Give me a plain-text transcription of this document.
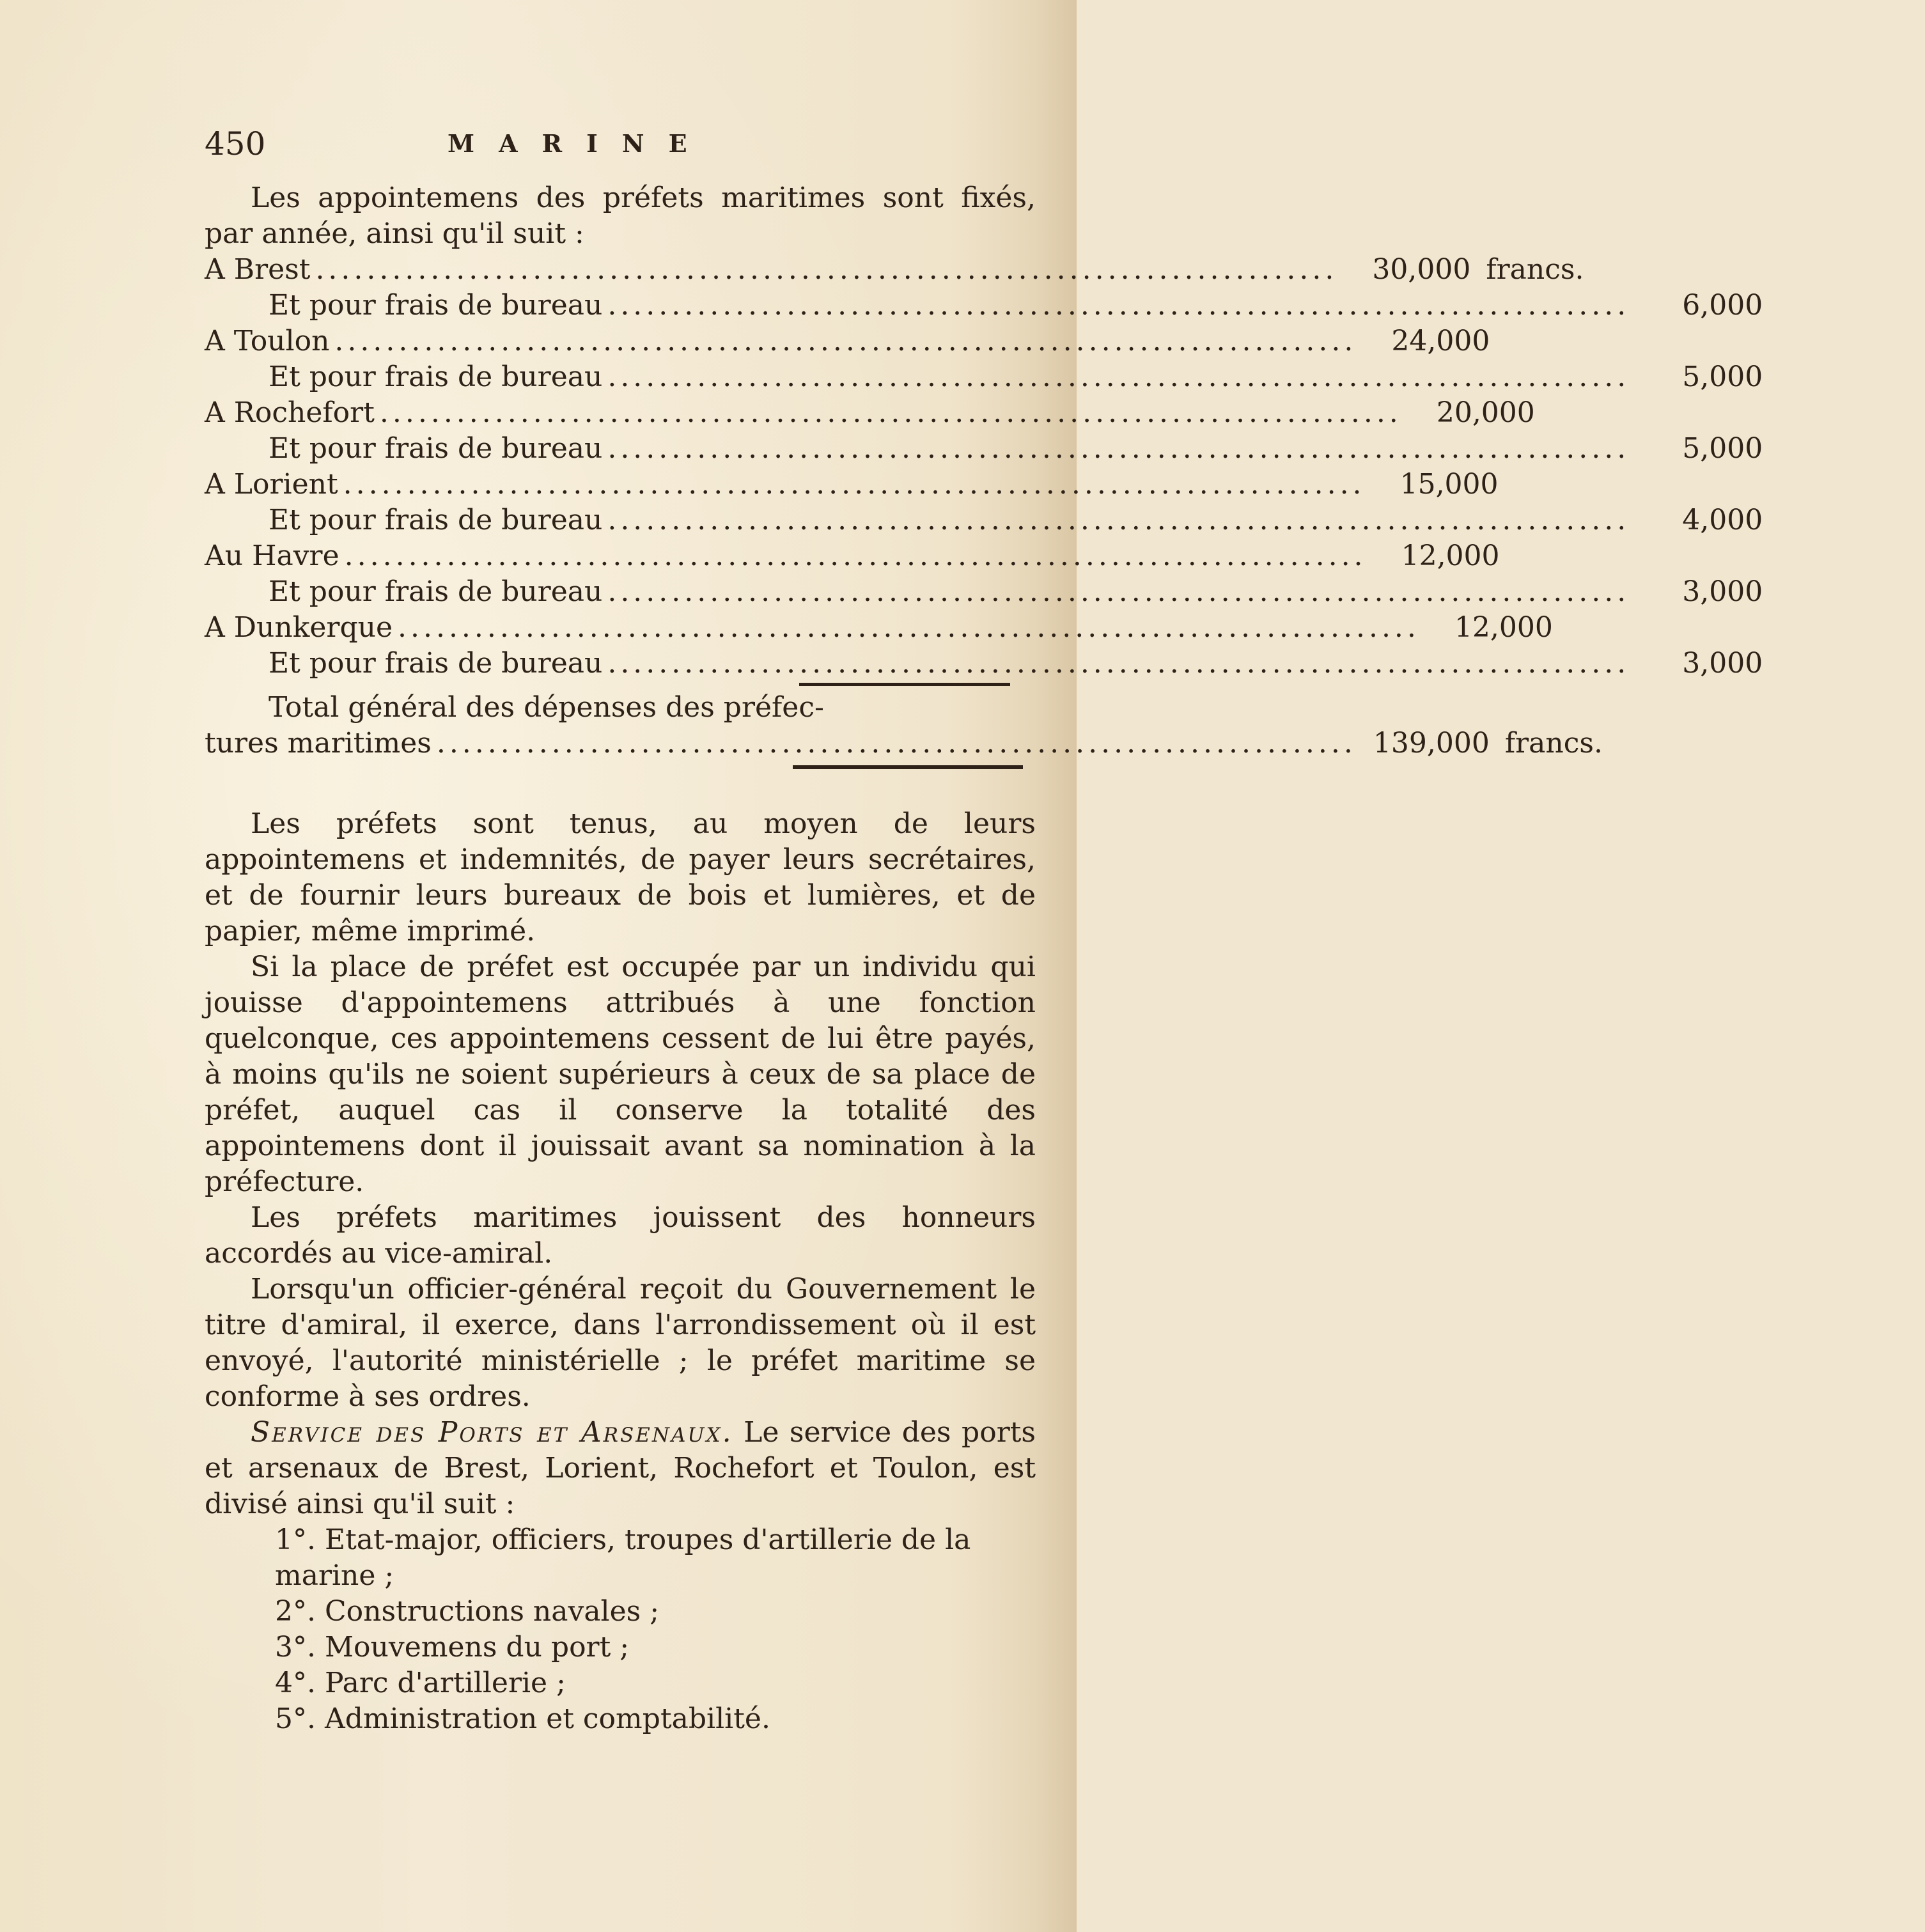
450	MARINE

Les appointemens des préfets maritimes sont fixés, par année, ainsi qu'il suit :

A Brest ................................................................................	30,000 francs.
Et pour frais de bureau ................................................................................	6,000
A Toulon ................................................................................	24,000
Et pour frais de bureau ................................................................................	5,000
A Rochefort ................................................................................	20,000
Et pour frais de bureau ................................................................................	5,000
A Lorient ................................................................................	15,000
Et pour frais de bureau ................................................................................	4,000
Au Havre ................................................................................	12,000
Et pour frais de bureau ................................................................................	3,000
A Dunkerque ................................................................................	12,000
Et pour frais de bureau ................................................................................	3,000

Total général des dépenses des préfec-

tures maritimes ........................................................................ 139,000 francs.

Les préfets sont tenus, au moyen de leurs appointemens et indemnités, de payer leurs secrétaires, et de fournir leurs bureaux de bois et lumières, et de papier, même imprimé.

Si la place de préfet est occupée par un individu qui jouisse d'appointemens attribués à une fonction quelconque, ces appointemens cessent de lui être payés, à moins qu'ils ne soient supérieurs à ceux de sa place de préfet, auquel cas il conserve la totalité des appointemens dont il jouissait avant sa nomination à la préfecture.

Les préfets maritimes jouissent des honneurs accordés au vice-amiral.

Lorsqu'un officier-général reçoit du Gouvernement le titre d'amiral, il exerce, dans l'arrondissement où il est envoyé, l'autorité ministérielle ; le préfet maritime se conforme à ses ordres.

Service des Ports et Arsenaux. Le service des ports et arsenaux de Brest, Lorient, Rochefort et Toulon, est divisé ainsi qu'il suit :

1°. Etat-major, officiers, troupes d'artillerie de la marine ;

2°. Constructions navales ;

3°. Mouvemens du port ;

4°. Parc d'artillerie ;

5°. Administration et comptabilité.
